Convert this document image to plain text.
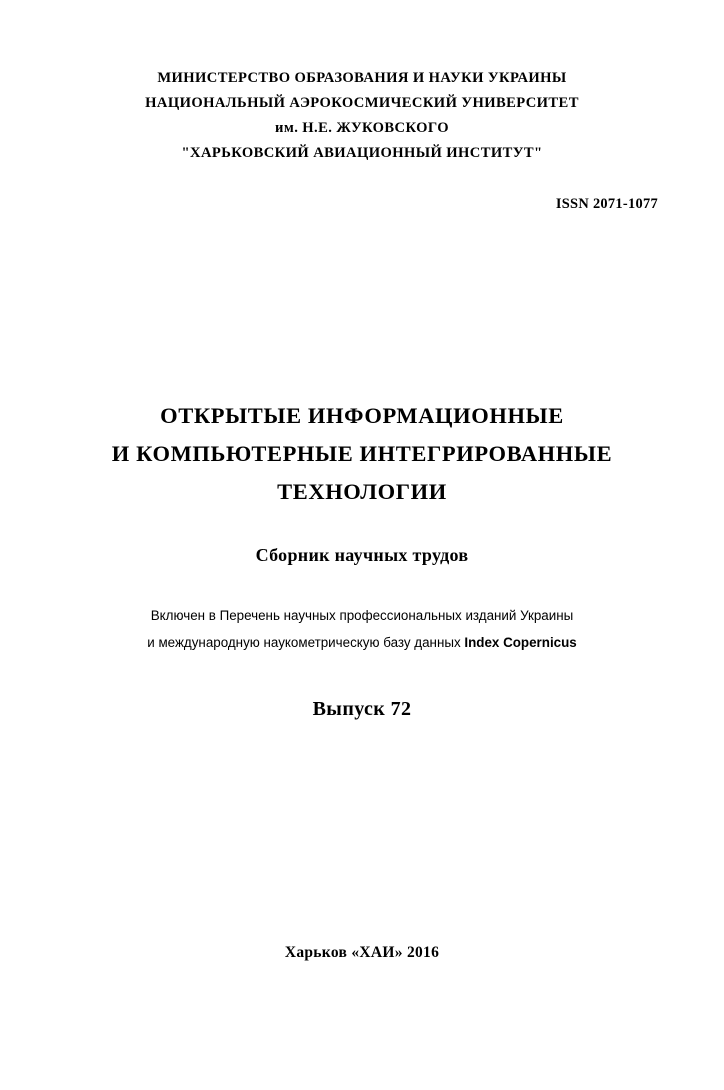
МИНИСТЕРСТВО ОБРАЗОВАНИЯ И НАУКИ УКРАИНЫ
НАЦИОНАЛЬНЫЙ АЭРОКОСМИЧЕСКИЙ УНИВЕРСИТЕТ
им. Н.Е. ЖУКОВСКОГО
"ХАРЬКОВСКИЙ АВИАЦИОННЫЙ ИНСТИТУТ"
ISSN 2071-1077
ОТКРЫТЫЕ ИНФОРМАЦИОННЫЕ
И КОМПЬЮТЕРНЫЕ ИНТЕГРИРОВАННЫЕ
ТЕХНОЛОГИИ
Сборник научных трудов
Включен в Перечень научных профессиональных изданий Украины
и международную наукометрическую базу данных Index Copernicus
Выпуск 72
Харьков «ХАИ» 2016
